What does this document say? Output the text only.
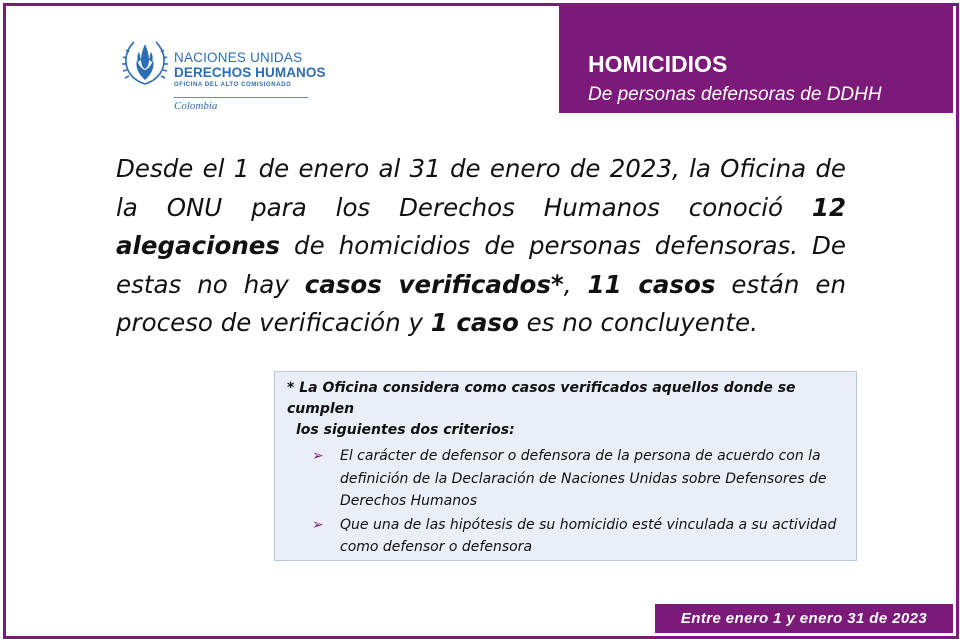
NACIONES UNIDAS
DERECHOS HUMANOS
OFICINA DEL ALTO COMISIONADO
Colombia
HOMICIDIOS
De personas defensoras de DDHH
Desde el 1 de enero al 31 de enero de 2023, la Oficina de la ONU para los Derechos Humanos conoció 12 alegaciones de homicidios de personas defensoras. De estas no hay casos verificados*, 11 casos están en proceso de verificación y 1 caso es no concluyente.
* La Oficina considera como casos verificados aquellos donde se cumplen
los siguientes dos criterios:
➢ El carácter de defensor o defensora de la persona de acuerdo con la definición de la Declaración de Naciones Unidas sobre Defensores de Derechos Humanos
➢ Que una de las hipótesis de su homicidio esté vinculada a su actividad como defensor o defensora
Entre enero 1 y enero 31 de 2023
